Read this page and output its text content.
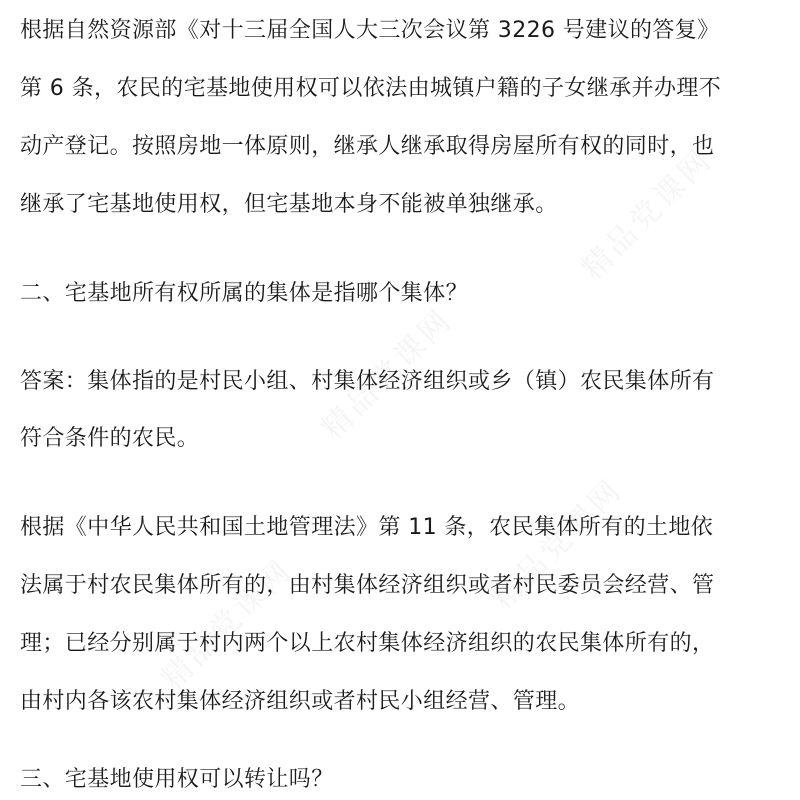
精品党课网
精品党课网
精品党课网
精品党课网
根据自然资源部《对十三届全国人大三次会议第 3226 号建议的答复》
第 6 条，农民的宅基地使用权可以依法由城镇户籍的子女继承并办理不
动产登记。按照房地一体原则，继承人继承取得房屋所有权的同时，也
继承了宅基地使用权，但宅基地本身不能被单独继承。
二、宅基地所有权所属的集体是指哪个集体？
答案：集体指的是村民小组、村集体经济组织或乡（镇）农民集体所有
符合条件的农民。
根据《中华人民共和国土地管理法》第 11 条，农民集体所有的土地依
法属于村农民集体所有的，由村集体经济组织或者村民委员会经营、管
理；已经分别属于村内两个以上农村集体经济组织的农民集体所有的，
由村内各该农村集体经济组织或者村民小组经营、管理。
三、宅基地使用权可以转让吗？
